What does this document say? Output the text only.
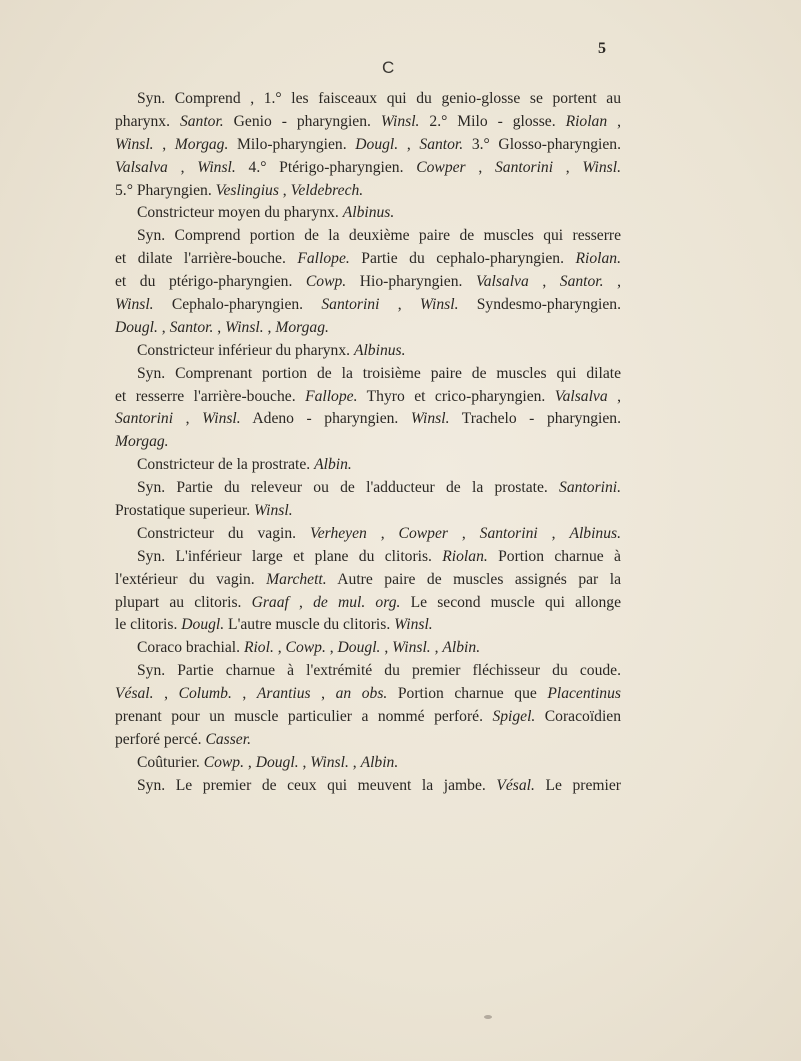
5
C
Syn. Comprend , 1.° les faisceaux qui du genio-glosse se portent au
pharynx. Santor. Genio - pharyngien. Winsl. 2.° Milo - glosse. Riolan ,
Winsl. , Morgag. Milo-pharyngien. Dougl. , Santor. 3.° Glosso-pharyngien.
Valsalva , Winsl. 4.° Ptérigo-pharyngien. Cowper , Santorini , Winsl.
5.° Pharyngien. Veslingius , Veldebrech.
Constricteur moyen du pharynx. Albinus.
Syn. Comprend portion de la deuxième paire de muscles qui resserre
et dilate l'arrière-bouche. Fallope. Partie du cephalo-pharyngien. Riolan.
et du ptérigo-pharyngien. Cowp. Hio-pharyngien. Valsalva , Santor. ,
Winsl. Cephalo-pharyngien. Santorini , Winsl. Syndesmo-pharyngien.
Dougl. , Santor. , Winsl. , Morgag.
Constricteur inférieur du pharynx. Albinus.
Syn. Comprenant portion de la troisième paire de muscles qui dilate
et resserre l'arrière-bouche. Fallope. Thyro et crico-pharyngien. Valsalva ,
Santorini , Winsl. Adeno - pharyngien. Winsl. Trachelo - pharyngien.
Morgag.
Constricteur de la prostrate. Albin.
Syn. Partie du releveur ou de l'adducteur de la prostate. Santorini.
Prostatique superieur. Winsl.
Constricteur du vagin. Verheyen , Cowper , Santorini , Albinus.
Syn. L'inférieur large et plane du clitoris. Riolan. Portion charnue à
l'extérieur du vagin. Marchett. Autre paire de muscles assignés par la
plupart au clitoris. Graaf , de mul. org. Le second muscle qui allonge
le clitoris. Dougl. L'autre muscle du clitoris. Winsl.
Coraco brachial. Riol. , Cowp. , Dougl. , Winsl. , Albin.
Syn. Partie charnue à l'extrémité du premier fléchisseur du coude.
Vésal. , Columb. , Arantius , an obs. Portion charnue que Placentinus
prenant pour un muscle particulier a nommé perforé. Spigel. Coracoïdien
perforé percé. Casser.
Coûturier. Cowp. , Dougl. , Winsl. , Albin.
Syn. Le premier de ceux qui meuvent la jambe. Vésal. Le premier
